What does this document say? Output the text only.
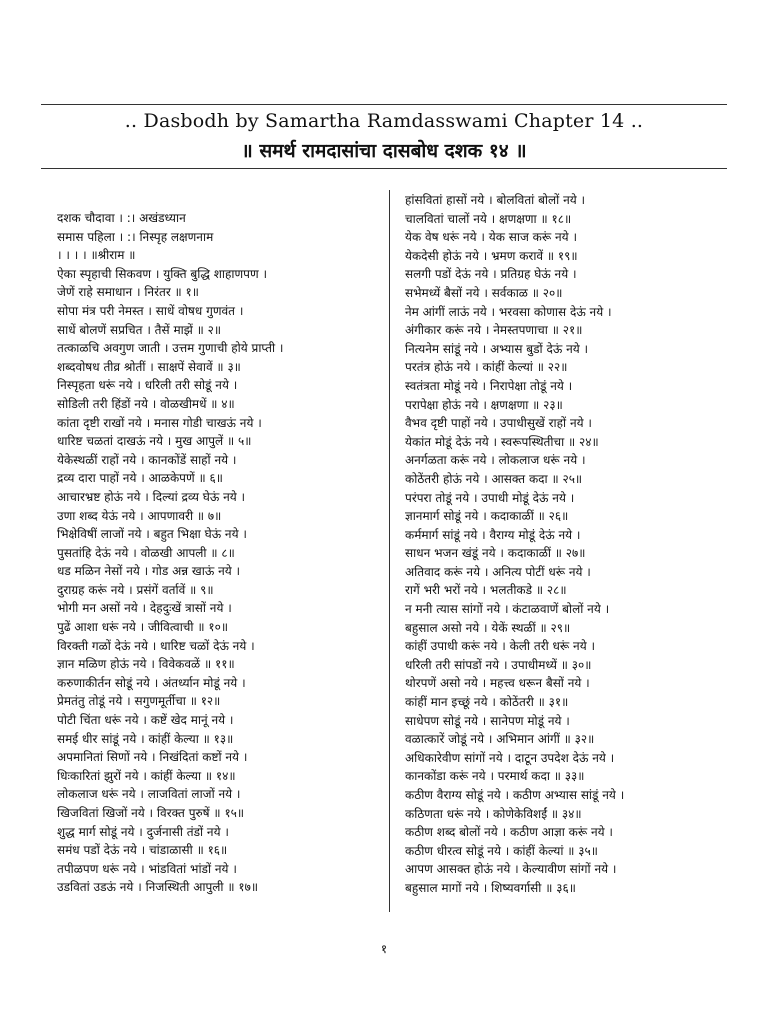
.. Dasbodh by Samartha Ramdasswami Chapter 14 ..
॥ समर्थ रामदासांचा दासबोध दशक १४ ॥
दशक चौदावा । :। अखंडध्यान
समास पहिला । :। निस्पृह लक्षणनाम
। । । । ॥श्रीराम ॥
ऐका स्पृहाची सिकवण । युक्ति बुद्धि शाहाणपण ।
जेणें राहे समाधान । निरंतर ॥ १॥
सोपा मंत्र परी नेमस्त । साधें वोषध गुणवंत ।
साधें बोलणें सप्रचित । तैसें माझें ॥ २॥
तत्काळचि अवगुण जाती । उत्तम गुणाची होये प्राप्ती ।
शब्दवोषध तीव्र श्रोतीं । साक्षपें सेवावें ॥ ३॥
निस्पृहता धरूं नये । धरिली तरी सोडूं नये ।
सोडिली तरी हिंडों नये । वोळखीमधें ॥ ४॥
कांता दृष्टी राखों नये । मनास गोडी चाखऊं नये ।
धारिष्ट चळतां दाखऊं नये । मुख आपुलें ॥ ५॥
येकेस्थळीं राहों नये । कानकोंडें साहों नये ।
द्रव्य दारा पाहों नये । आळकेपणें ॥ ६॥
आचारभ्रष्ट होऊं नये । दिल्यां द्रव्य घेऊं नये ।
उणा शब्द येऊं नये । आपणावरी ॥ ७॥
भिक्षेविषीं लाजों नये । बहुत भिक्षा घेऊं नये ।
पुसतांहि देऊं नये । वोळखी आपली ॥ ८॥
धड मळिन नेसों नये । गोड अन्न खाऊं नये ।
दुराग्रह करूं नये । प्रसंगें वर्तावें ॥ ९॥
भोगी मन असों नये । देहदुःखें त्रासों नये ।
पुढें आशा धरूं नये । जीवित्वाची ॥ १०॥
विरक्ती गळों देऊं नये । धारिष्ट चळों देऊं नये ।
ज्ञान मळिण होऊं नये । विवेकवळें ॥ ११॥
करुणाकीर्तन सोडूं नये । अंतर्ध्यान मोडूं नये ।
प्रेमतंतु तोडूं नये । सगुणमूर्तीचा ॥ १२॥
पोटी चिंता धरूं नये । कष्टें खेद मानूं नये ।
समई धीर सांडूं नये । कांहीं केल्या ॥ १३॥
अपमानितां सिणों नये । निखंदितां कष्टों नये ।
धिःकारितां झुरों नये । कांहीं केल्या ॥ १४॥
लोकलाज धरूं नये । लाजवितां लाजों नये ।
खिजवितां खिजों नये । विरक्त पुरुषें ॥ १५॥
शुद्ध मार्ग सोडूं नये । दुर्जनासी तंडों नये ।
समंध पडों देऊं नये । चांडाळासी ॥ १६॥
तपीळपण धरूं नये । भांडवितां भांडों नये ।
उडवितां उडऊं नये । निजस्थिती आपुली ॥ १७॥
हांसवितां हासों नये । बोलवितां बोलों नये ।
चालवितां चालों नये । क्षणक्षणा ॥ १८॥
येक वेष धरूं नये । येक साज करूं नये ।
येकदेसी होऊं नये । भ्रमण करावें ॥ १९॥
सलगी पडों देऊं नये । प्रतिग्रह घेऊं नये ।
सभेमध्यें बैसों नये । सर्वकाळ ॥ २०॥
नेम आंगीं लाऊं नये । भरवसा कोणास देऊं नये ।
अंगीकार करूं नये । नेमस्तपणाचा ॥ २१॥
नित्यनेम सांडूं नये । अभ्यास बुडों देऊं नये ।
परतंत्र होऊं नये । कांहीं केल्यां ॥ २२॥
स्वतंत्रता मोडूं नये । निरापेक्षा तोडूं नये ।
परापेक्षा होऊं नये । क्षणक्षणा ॥ २३॥
वैभव दृष्टी पाहों नये । उपाधीसुखें राहों नये ।
येकांत मोडूं देऊं नये । स्वरूपस्थितीचा ॥ २४॥
अनर्गळता करूं नये । लोकलाज धरूं नये ।
कोठेंतरी होऊं नये । आसक्त कदा ॥ २५॥
परंपरा तोडूं नये । उपाधी मोडूं देऊं नये ।
ज्ञानमार्ग सोडूं नये । कदाकाळीं ॥ २६॥
कर्ममार्ग सांडूं नये । वैराग्य मोडूं देऊं नये ।
साधन भजन खंडूं नये । कदाकाळीं ॥ २७॥
अतिवाद करूं नये । अनित्य पोटीं धरूं नये ।
रागें भरी भरों नये । भलतीकडे ॥ २८॥
न मनी त्यास सांगों नये । कंटाळवाणें बोलों नये ।
बहुसाल असो नये । येकें स्थळीं ॥ २९॥
कांहीं उपाधी करूं नये । केली तरी धरूं नये ।
धरिली तरी सांपडों नये । उपाधीमध्यें ॥ ३०॥
थोरपणें असो नये । महत्त्व धरून बैसों नये ।
कांहीं मान इच्छूं नये । कोठेंतरी ॥ ३१॥
साधेपण सोडूं नये । सानेपण मोडूं नये ।
वळात्कारें जोडूं नये । अभिमान आंगीं ॥ ३२॥
अधिकारेवीण सांगों नये । दाटून उपदेश देऊं नये ।
कानकोंडा करूं नये । परमार्थ कदा ॥ ३३॥
कठीण वैराग्य सोडूं नये । कठीण अभ्यास सांडूं नये ।
कठिणता धरूं नये । कोणेकेविशईं ॥ ३४॥
कठीण शब्द बोलों नये । कठीण आज्ञा करूं नये ।
कठीण धीरत्व सोडूं नये । कांहीं केल्यां ॥ ३५॥
आपण आसक्त होऊं नये । केल्यावीण सांगों नये ।
बहुसाल मागों नये । शिष्यवर्गासी ॥ ३६॥
१
